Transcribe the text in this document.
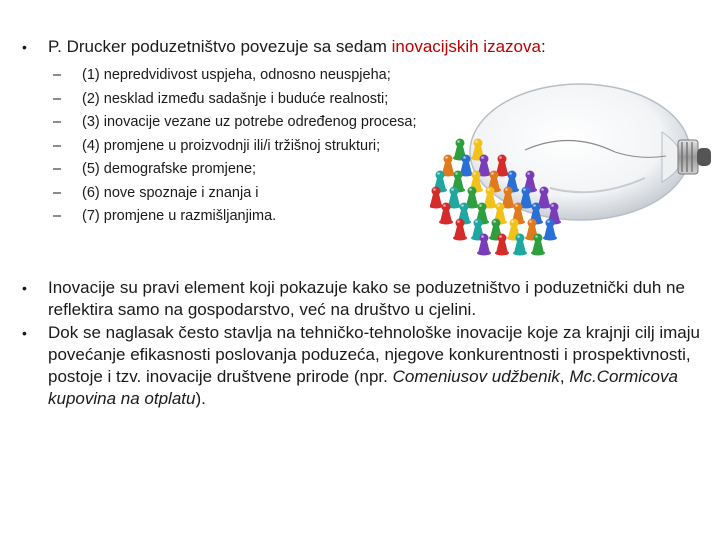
• P. Drucker poduzetništvo povezuje sa sedam inovacijskih izazova:
– (1) nepredvidivost uspjeha, odnosno neuspjeha;
– (2) nesklad između sadašnje i buduće realnosti;
– (3) inovacije vezane uz potrebe određenog procesa;
– (4) promjene u proizvodnji ili/i tržišnoj strukturi;
– (5) demografske promjene;
– (6) nove spoznaje i znanja i
– (7) promjene u razmišljanjima.
• Inovacije su pravi element koji pokazuje kako se poduzetništvo i poduzetnički duh ne reflektira samo na gospodarstvo, već na društvo u cjelini.
• Dok se naglasak često stavlja na tehničko-tehnološke inovacije koje za krajnji cilj imaju povećanje efikasnosti poslovanja poduzeća, njegove konkurentnosti i prospektivnosti, postoje i tzv. inovacije društvene prirode (npr. Comeniusov udžbenik, Mc.Cormicova kupovina na otplatu).
